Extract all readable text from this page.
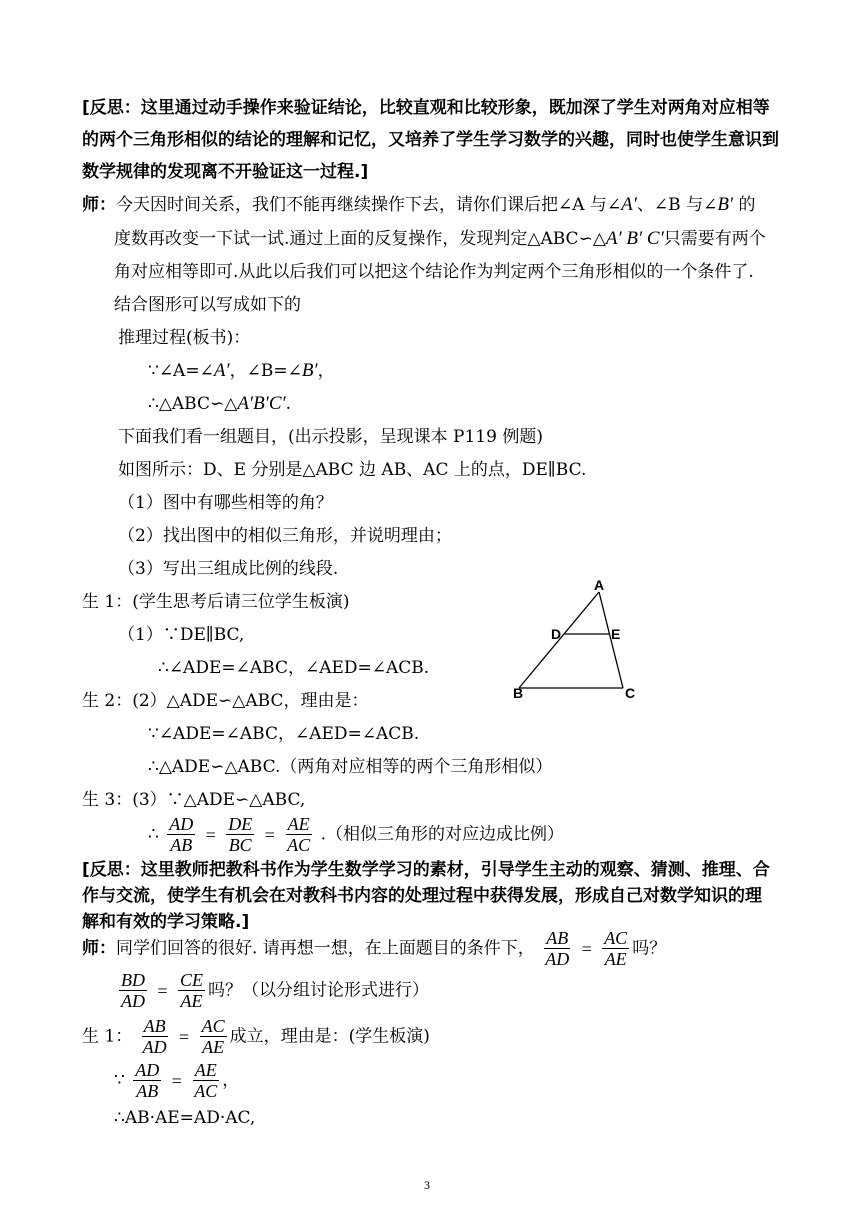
[反思：这里通过动手操作来验证结论，比较直观和比较形象，既加深了学生对两角对应相等
的两个三角形相似的结论的理解和记忆，又培养了学生学习数学的兴趣，同时也使学生意识到
数学规律的发现离不开验证这一过程.]
师：今天因时间关系，我们不能再继续操作下去，请你们课后把∠A 与∠A′、∠B 与∠B′ 的
度数再改变一下试一试.通过上面的反复操作，发现判定△ABC∽△A′ B′ C′只需要有两个
角对应相等即可.从此以后我们可以把这个结论作为判定两个三角形相似的一个条件了.
结合图形可以写成如下的
推理过程(板书)：
∵∠A=∠A′，∠B=∠B′，
∴△ABC∽△A′B′C′.
下面我们看一组题目，(出示投影，呈现课本 P119 例题)
如图所示：D、E 分别是△ABC 边 AB、AC 上的点，DE∥BC.
（1）图中有哪些相等的角？
（2）找出图中的相似三角形，并说明理由；
（3）写出三组成比例的线段.
A
D	E
B	C
生 1：(学生思考后请三位学生板演)
（1）∵DE∥BC,
∴∠ADE=∠ABC，∠AED=∠ACB.
生 2：(2）△ADE∽△ABC，理由是：
∵∠ADE=∠ABC，∠AED=∠ACB.
∴△ADE∽△ABC.（两角对应相等的两个三角形相似）
生 3：(3）∵△ADE∽△ABC,
∴ $\frac{AD}{AB} = \frac{DE}{BC} = \frac{AE}{AC}$ .（相似三角形的对应边成比例）
[反思：这里教师把教科书作为学生数学学习的素材，引导学生主动的观察、猜测、推理、合
作与交流，使学生有机会在对教科书内容的处理过程中获得发展，形成自己对数学知识的理
解和有效的学习策略.]
师：同学们回答的很好. 请再想一想，在上面题目的条件下， $\frac{AB}{AD} = \frac{AC}{AE}$ 吗？
$\frac{BD}{AD} = \frac{CE}{AE}$ 吗？（以分组讨论形式进行）
生 1： $\frac{AB}{AD} = \frac{AC}{AE}$ 成立，理由是：(学生板演)
∵ $\frac{AD}{AB} = \frac{AE}{AC}$ ，
∴AB·AE=AD·AC,
3
